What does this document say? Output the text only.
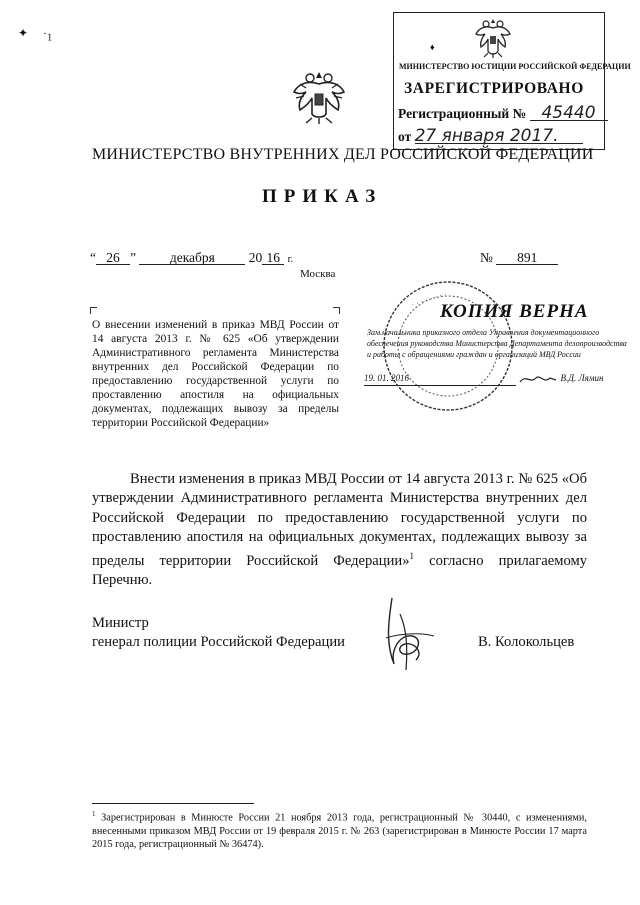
✦     $\cdot_1$
♦
МИНИСТЕРСТВО ЮСТИЦИИ РОССИЙСКОЙ ФЕДЕРАЦИИ
ЗАРЕГИСТРИРОВАНО
Регистрационный № 45440
от 27 января 2017.
МИНИСТЕРСТВО ВНУТРЕННИХ ДЕЛ РОССИЙСКОЙ ФЕДЕРАЦИИ
ПРИКАЗ
“ 26 ”	декабря	20 16 г.	№ 891
Москва
О внесении изменений в приказ МВД России от 14 августа 2013 г. № 625 «Об утверждении Административного регламента Министерства внутренних дел Российской Федерации по предоставлению государственной услуги по проставлению апостиля на официальных документах, подлежащих вывозу за пределы территории Российской Федерации»
· · · · · · · ·
КОПИЯ ВЕРНА
Зам.начальника приказного отдела Управления документационного обеспечения руководства Министерства Департамента делопроизводства и работы с обращениями граждан и организаций МВД России
19. 01. 2016	В.Д. Лямин

Внести изменения в приказ МВД России от 14 августа 2013 г. № 625 «Об утверждении Административного регламента Министерства внутренних дел Российской Федерации по предоставлению государственной услуги по проставлению апостиля на официальных документах, подлежащих вывозу за пределы территории Российской Федерации»$^1$ согласно прилагаемому Перечню.

Министр
генерал полиции Российской Федерации	В. Колокольцев
$^1$ Зарегистрирован в Минюсте России 21 ноября 2013 года, регистрационный № 30440, с изменениями, внесенными приказом МВД России от 19 февраля 2015 г. № 263 (зарегистрирован в Минюсте России 17 марта 2015 года, регистрационный № 36474).
